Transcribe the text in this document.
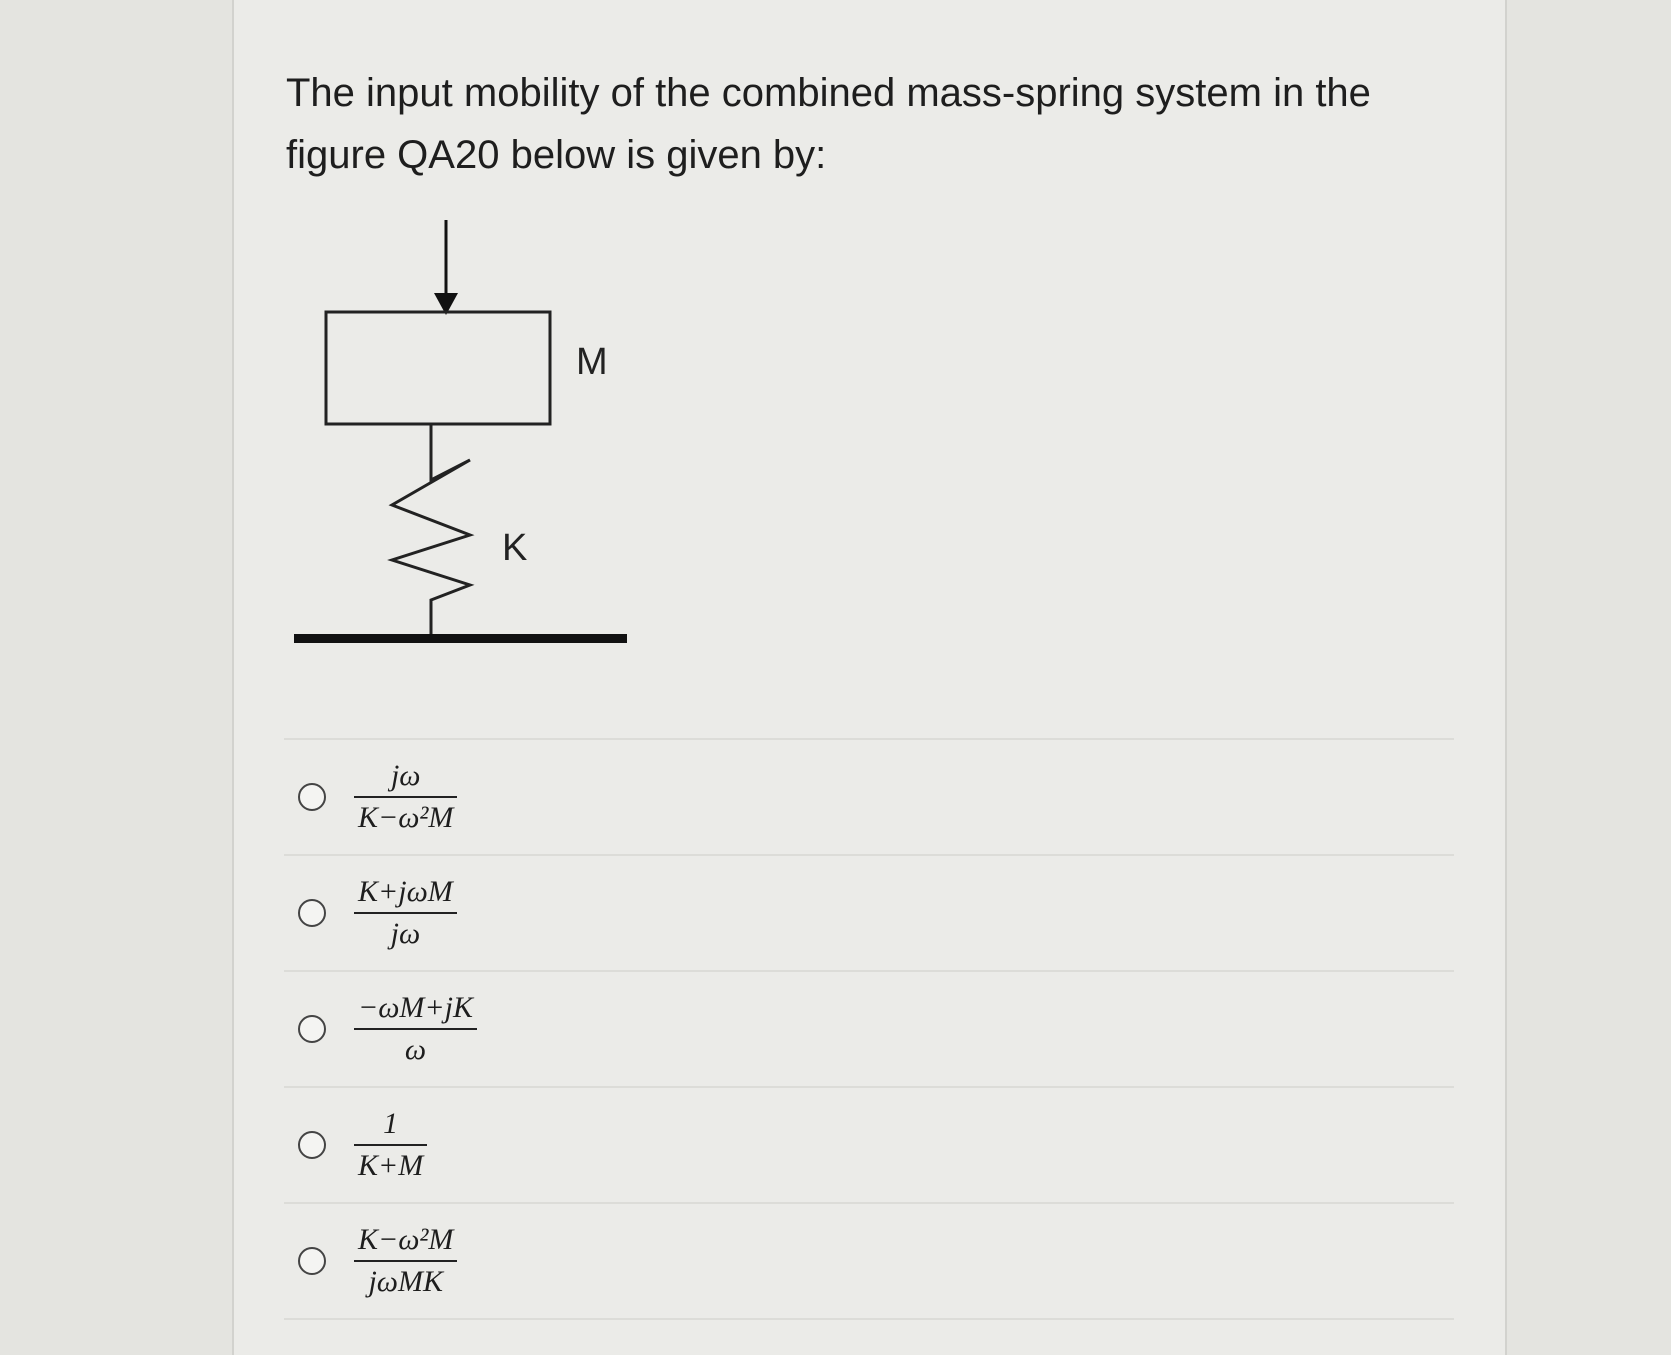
The input mobility of the combined mass-spring system in the figure QA20 below is given by:

M
K
$\frac{j\omega}{\text{K−ω²M}}$
$\frac{\text{K+jωM}}{j\omega}$
$\frac{-\omega M+jK}{\omega}$
$\frac{1}{K+M}$
$\frac{\text{K−ω²M}}{\text{jωMK}}$
